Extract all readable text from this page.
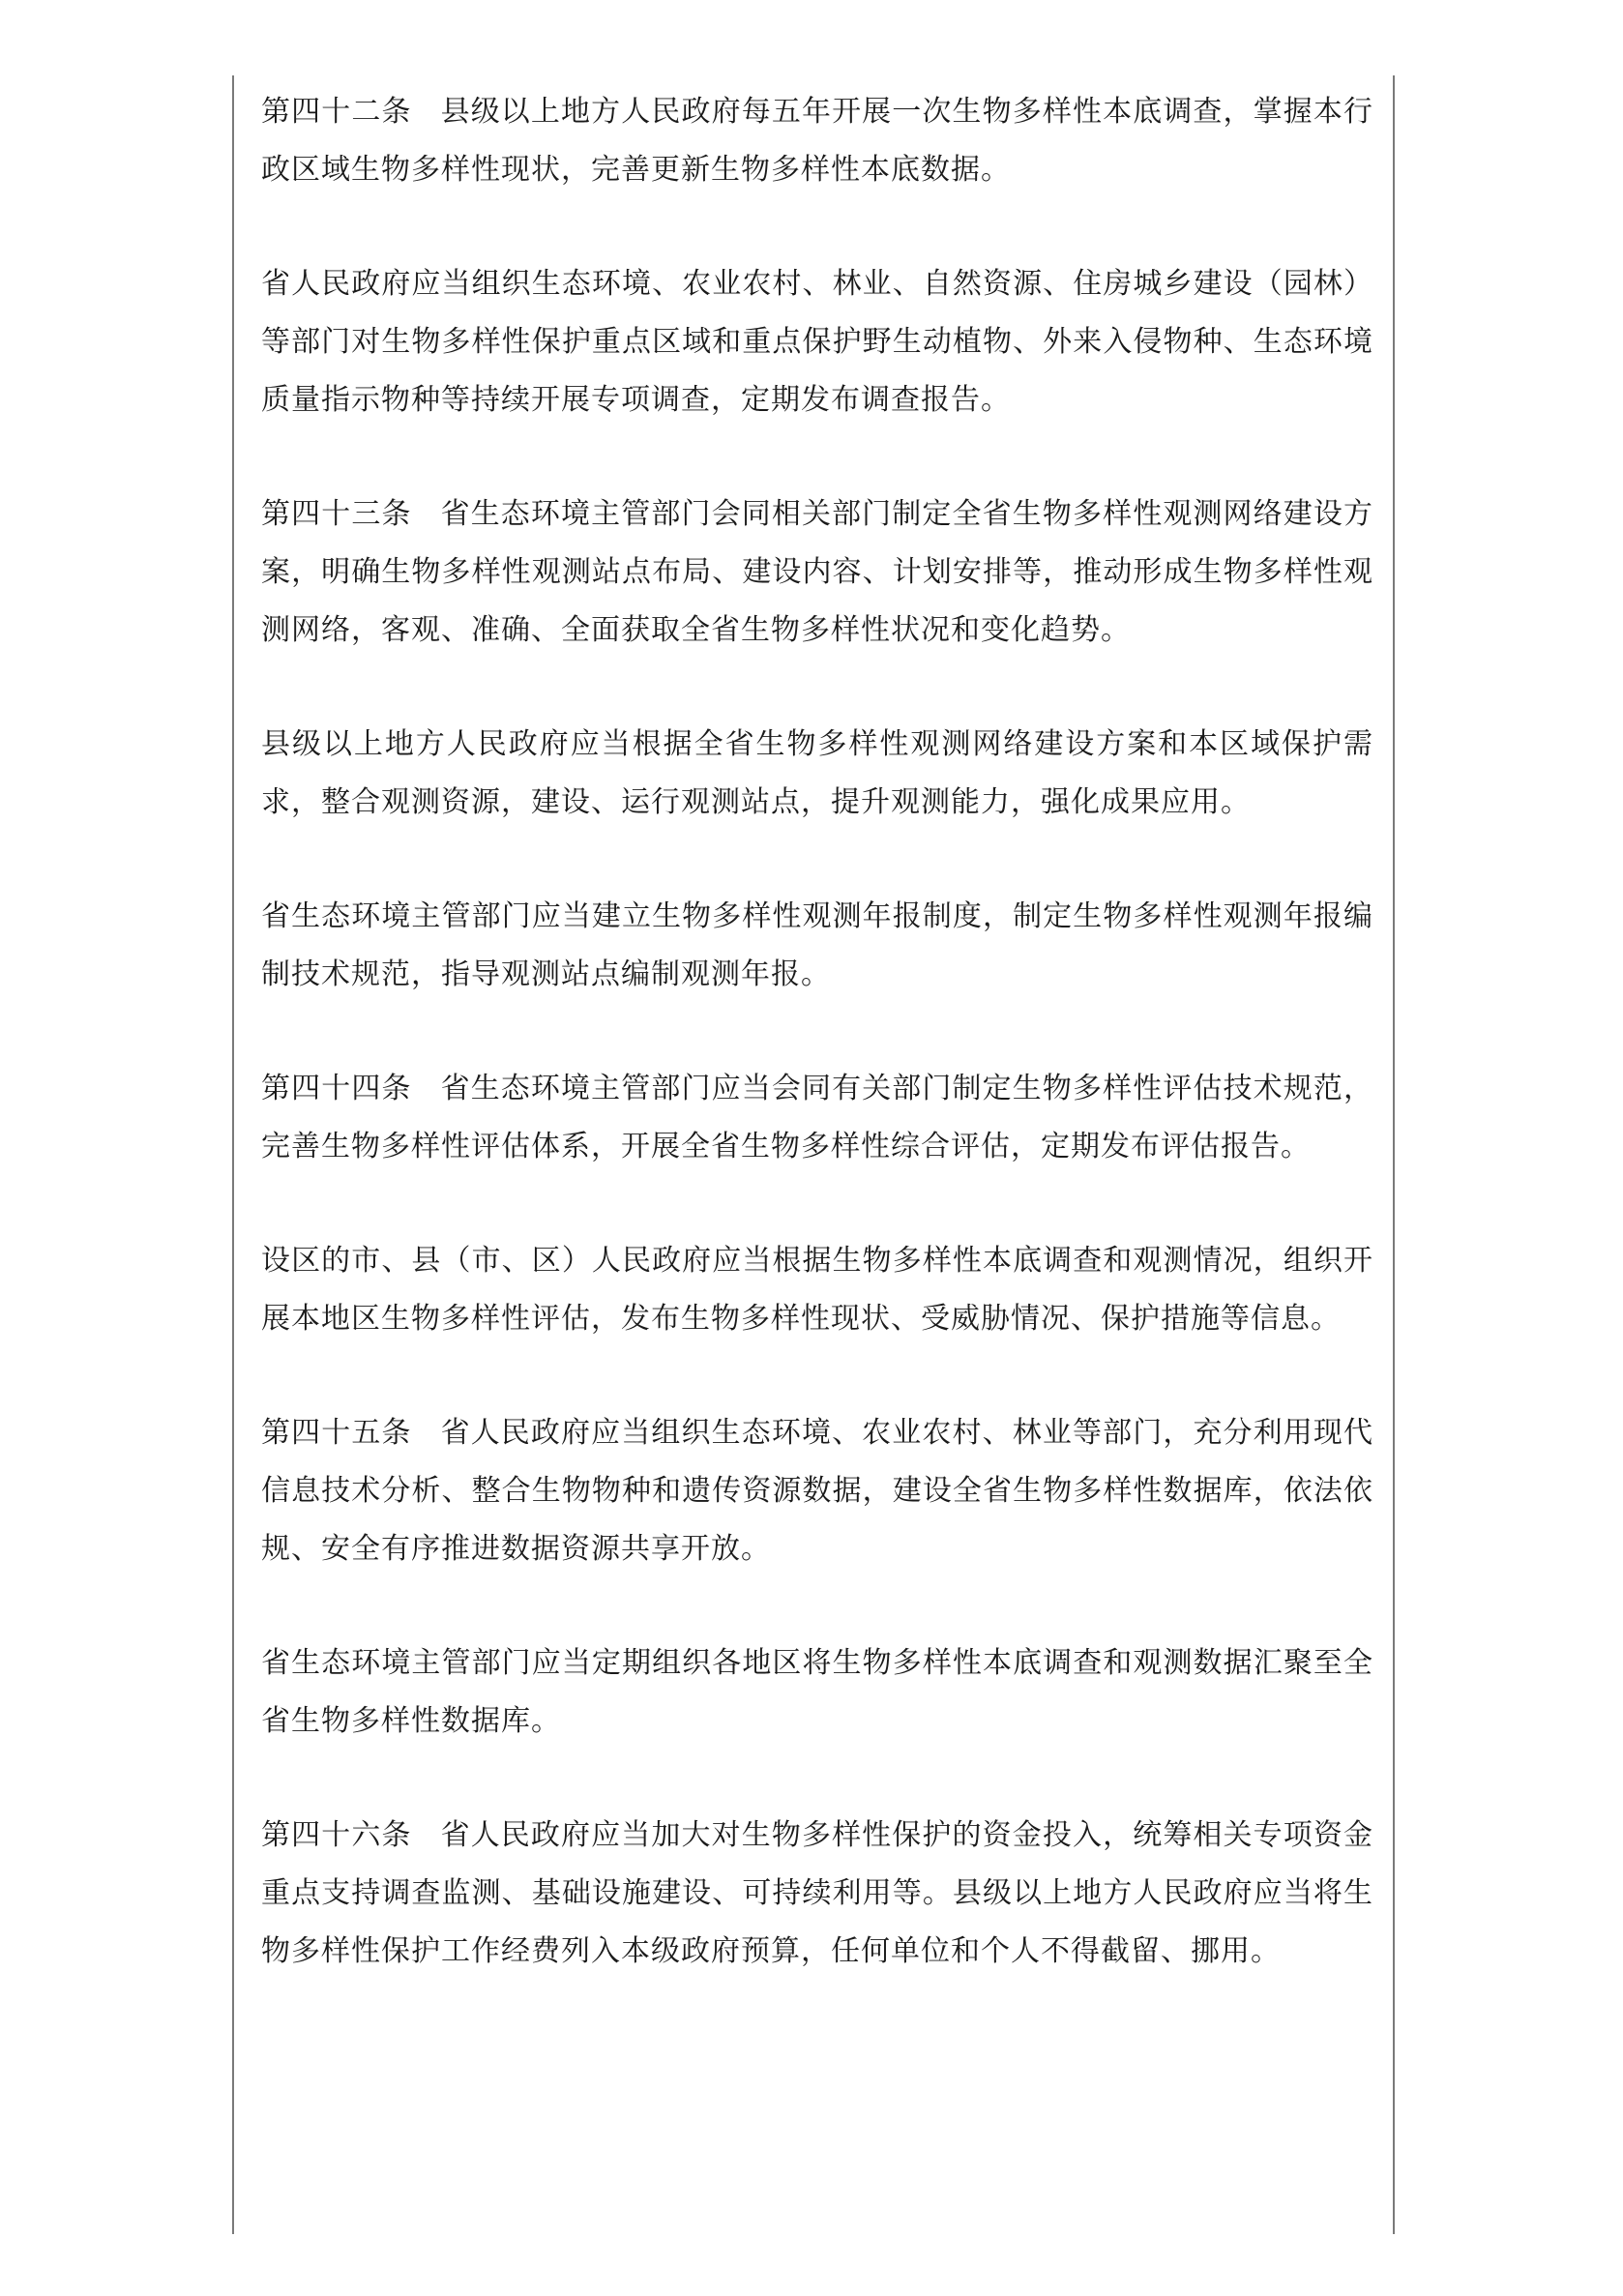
第四十二条 县级以上地方人民政府每五年开展一次生物多样性本底调查，掌握本行政区域生物多样性现状，完善更新生物多样性本底数据。

省人民政府应当组织生态环境、农业农村、林业、自然资源、住房城乡建设（园林）等部门对生物多样性保护重点区域和重点保护野生动植物、外来入侵物种、生态环境质量指示物种等持续开展专项调查，定期发布调查报告。

第四十三条 省生态环境主管部门会同相关部门制定全省生物多样性观测网络建设方案，明确生物多样性观测站点布局、建设内容、计划安排等，推动形成生物多样性观测网络，客观、准确、全面获取全省生物多样性状况和变化趋势。

县级以上地方人民政府应当根据全省生物多样性观测网络建设方案和本区域保护需求，整合观测资源，建设、运行观测站点，提升观测能力，强化成果应用。

省生态环境主管部门应当建立生物多样性观测年报制度，制定生物多样性观测年报编制技术规范，指导观测站点编制观测年报。

第四十四条 省生态环境主管部门应当会同有关部门制定生物多样性评估技术规范，完善生物多样性评估体系，开展全省生物多样性综合评估，定期发布评估报告。

设区的市、县（市、区）人民政府应当根据生物多样性本底调查和观测情况，组织开展本地区生物多样性评估，发布生物多样性现状、受威胁情况、保护措施等信息。

第四十五条 省人民政府应当组织生态环境、农业农村、林业等部门，充分利用现代信息技术分析、整合生物物种和遗传资源数据，建设全省生物多样性数据库，依法依规、安全有序推进数据资源共享开放。

省生态环境主管部门应当定期组织各地区将生物多样性本底调查和观测数据汇聚至全省生物多样性数据库。

第四十六条 省人民政府应当加大对生物多样性保护的资金投入，统筹相关专项资金重点支持调查监测、基础设施建设、可持续利用等。县级以上地方人民政府应当将生物多样性保护工作经费列入本级政府预算，任何单位和个人不得截留、挪用。
